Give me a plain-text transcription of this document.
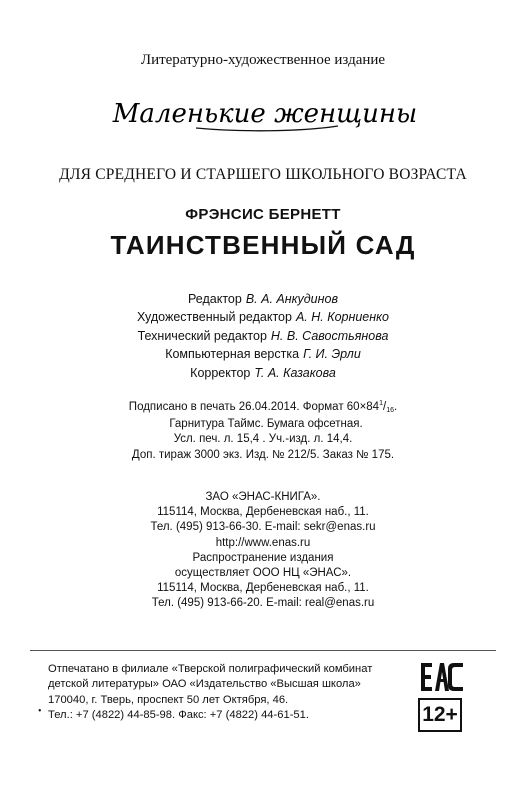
Литературно-художественное издание
Маленькие женщины
ДЛЯ СРЕДНЕГО И СТАРШЕГО ШКОЛЬНОГО ВОЗРАСТА
ФРЭНСИС БЕРНЕТТ
ТАИНСТВЕННЫЙ САД
Редактор В. А. Анкудинов
Художественный редактор А. Н. Корниенко
Технический редактор Н. В. Савостьянова
Компьютерная верстка Г. И. Эрли
Корректор Т. А. Казакова
Подписано в печать 26.04.2014. Формат $60\times 84^1/16$.
Гарнитура Таймс. Бумага офсетная.
Усл. печ. л. 15,4 . Уч.-изд. л. 14,4.
Доп. тираж 3000 экз. Изд. № 212/5. Заказ № 175.
ЗАО «ЭНАС-КНИГА».
115114, Москва, Дербеневская наб., 11.
Тел. (495) 913-66-30. E-mail: sekr@enas.ru
http://www.enas.ru
Распространение издания
осуществляет ООО НЦ «ЭНАС».
115114, Москва, Дербеневская наб., 11.
Тел. (495) 913-66-20. E-mail: real@enas.ru
Отпечатано в филиале «Тверской полиграфический комбинат
детской литературы» ОАО «Издательство «Высшая школа»
170040, г. Тверь, проспект 50 лет Октября, 46.
Тел.: +7 (4822) 44-85-98. Факс: +7 (4822) 44-61-51.
•	12+
